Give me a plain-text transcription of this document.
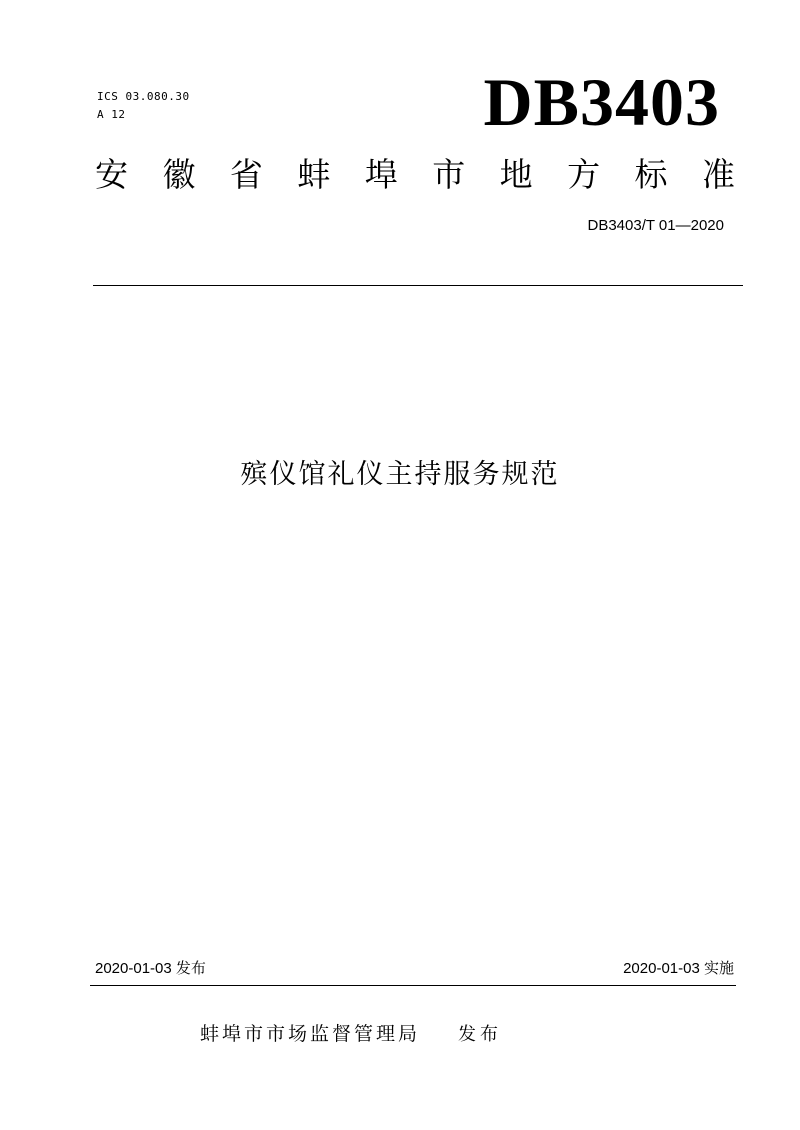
ICS 03.080.30
A 12	DB3403
安 徽 省 蚌 埠 市 地 方 标 准
DB3403/T 01—2020
殡仪馆礼仪主持服务规范
2020-01-03 发布	2020-01-03 实施
蚌埠市市场监督管理局 发布
